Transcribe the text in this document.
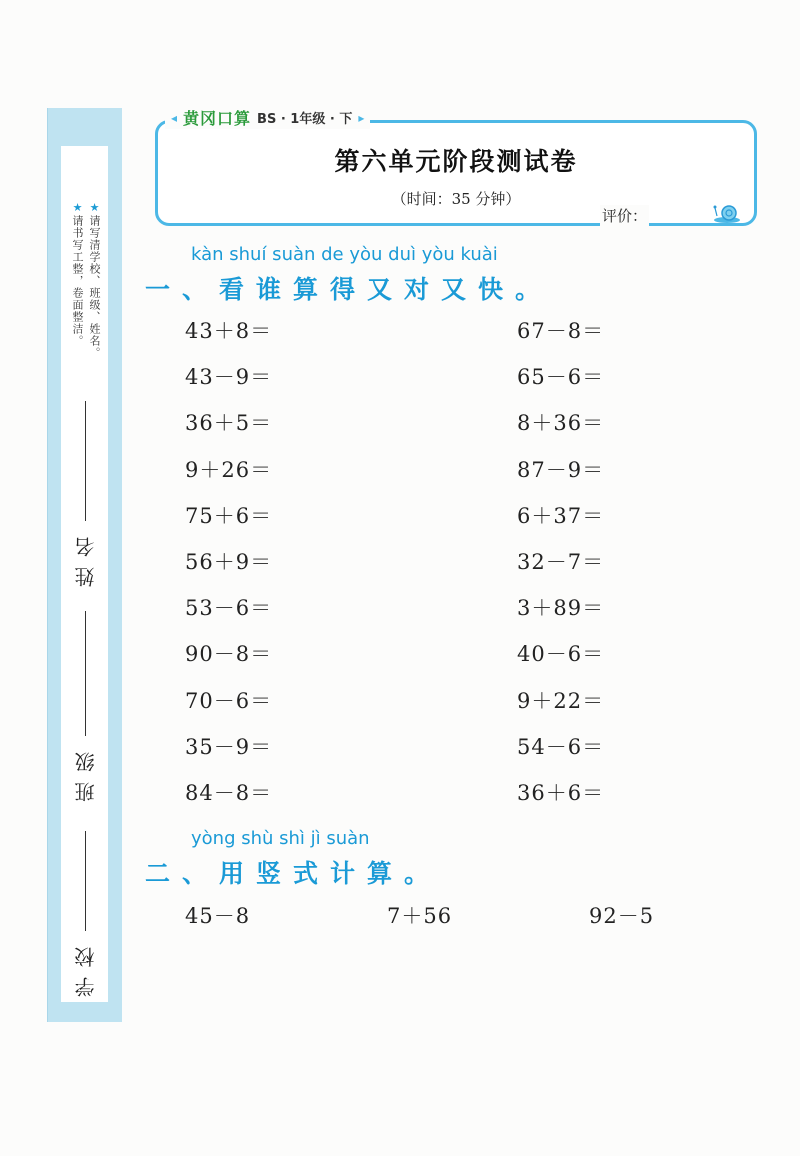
★请写清学校、班级、姓名。
★请书写工整，卷面整洁。
姓名
班级
学校
◂ 黄冈口算 BS · 1年级 · 下 ▸
第六单元阶段测试卷
（时间：35 分钟）
评价：
kàn shuí suàn de yòu duì yòu kuài
一、看谁算得又对又快。
43＋8＝	67－8＝
43－9＝	65－6＝
36＋5＝	8＋36＝
9＋26＝	87－9＝
75＋6＝	6＋37＝
56＋9＝	32－7＝
53－6＝	3＋89＝
90－8＝	40－6＝
70－6＝	9＋22＝
35－9＝	54－6＝
84－8＝	36＋6＝
yòng shù shì jì suàn
二、用竖式计算。
45－8	7＋56	92－5
